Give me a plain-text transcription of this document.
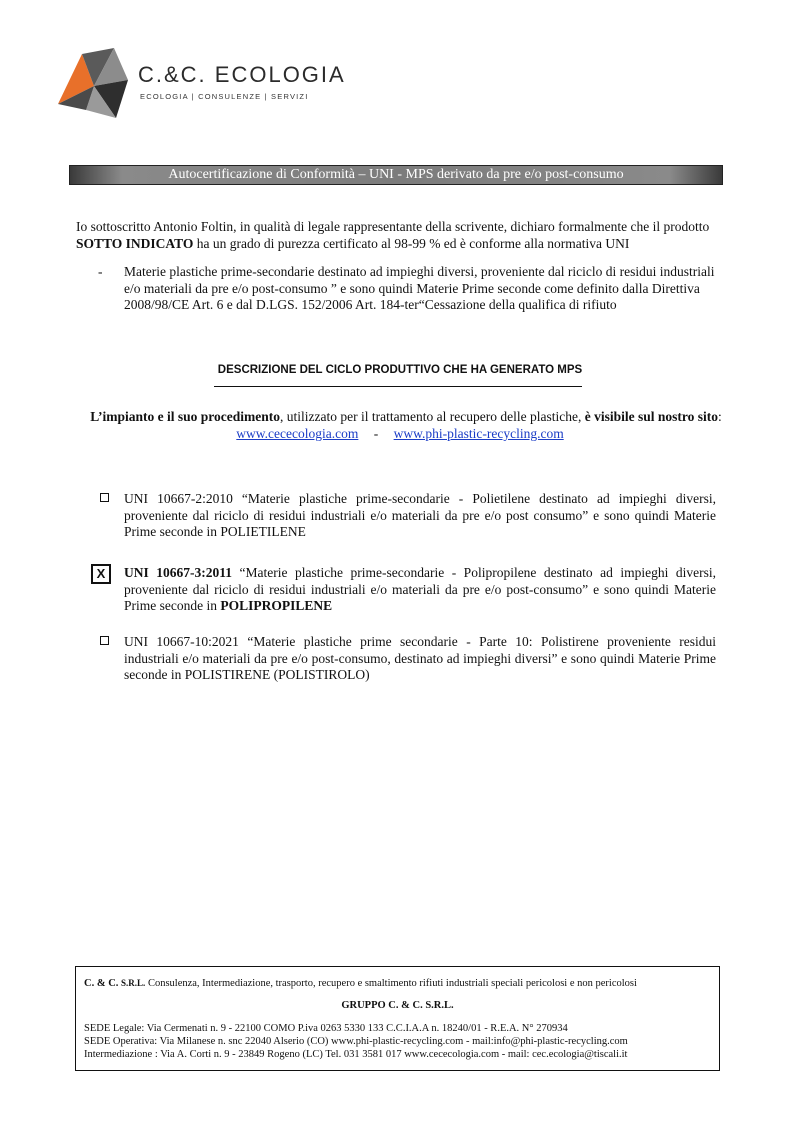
C.&C. ECOLOGIA
ECOLOGIA | CONSULENZE | SERVIZI
Autocertificazione di Conformità – UNI - MPS derivato da pre e/o post-consumo
Io sottoscritto Antonio Foltin, in qualità di legale rappresentante della scrivente, dichiaro formalmente che il prodotto SOTTO INDICATO ha un grado di purezza certificato al 98-99 % ed è conforme alla normativa UNI
- Materie plastiche prime-secondarie destinato ad impieghi diversi, proveniente dal riciclo di residui industriali e/o materiali da pre e/o post-consumo ” e sono quindi Materie Prime seconde come definito dalla Direttiva 2008/98/CE Art. 6 e dal D.LGS. 152/2006 Art. 184-ter“Cessazione della qualifica di rifiuto
DESCRIZIONE DEL CICLO PRODUTTIVO CHE HA GENERATO MPS
L’impianto e il suo procedimento, utilizzato per il trattamento al recupero delle plastiche, è visibile sul nostro sito:
www.cececologia.com - www.phi-plastic-recycling.com
UNI 10667-2:2010 “Materie plastiche prime-secondarie - Polietilene destinato ad impieghi diversi, proveniente dal riciclo di residui industriali e/o materiali da pre e/o post consumo” e sono quindi Materie Prime seconde in POLIETILENE
X	UNI 10667-3:2011 “Materie plastiche prime-secondarie - Polipropilene destinato ad impieghi diversi, proveniente dal riciclo di residui industriali e/o materiali da pre e/o post-consumo” e sono quindi Materie Prime seconde in POLIPROPILENE
UNI 10667-10:2021 “Materie plastiche prime secondarie - Parte 10: Polistirene proveniente residui industriali e/o materiali da pre e/o post-consumo, destinato ad impieghi diversi” e sono quindi Materie Prime seconde in POLISTIRENE (POLISTIROLO)
C. & C. S.R.L. Consulenza, Intermediazione, trasporto, recupero e smaltimento rifiuti industriali speciali pericolosi e non pericolosi
GRUPPO C. & C. S.R.L.
SEDE Legale: Via Cermenati n. 9 - 22100 COMO P.iva 0263 5330 133 C.C.I.A.A n. 18240/01 - R.E.A. N° 270934
SEDE Operativa: Via Milanese n. snc 22040 Alserio (CO) www.phi-plastic-recycling.com - mail:info@phi-plastic-recycling.com
Intermediazione : Via A. Corti n. 9 - 23849 Rogeno (LC) Tel. 031 3581 017 www.cececologia.com - mail: cec.ecologia@tiscali.it
